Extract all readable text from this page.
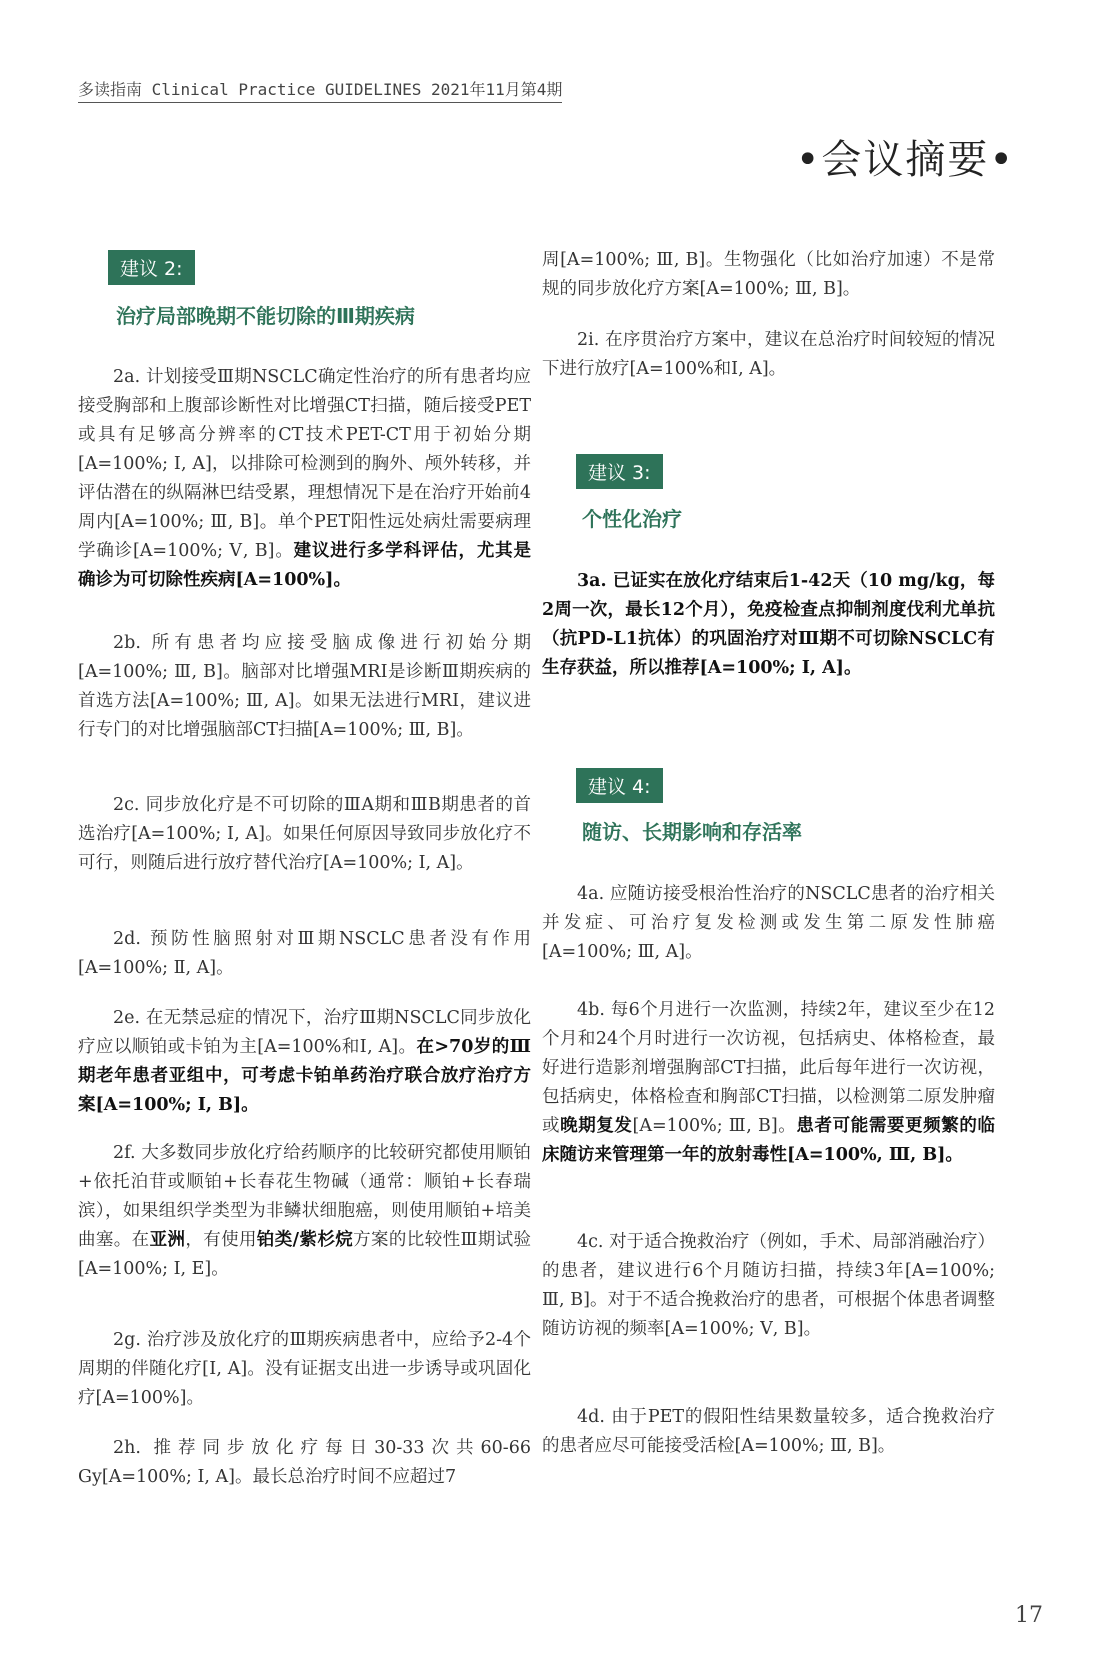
多读指南 Clinical Practice GUIDELINES 2021年11月第4期
•会议摘要•
建议 2:
治疗局部晚期不能切除的Ⅲ期疾病
2a. 计划接受Ⅲ期NSCLC确定性治疗的所有患者均应接受胸部和上腹部诊断性对比增强CT扫描，随后接受PET或具有足够高分辨率的CT技术PET-CT用于初始分期[A=100%; Ⅰ, A]，以排除可检测到的胸外、颅外转移，并评估潜在的纵隔淋巴结受累，理想情况下是在治疗开始前4周内[A=100%; Ⅲ, B]。单个PET阳性远处病灶需要病理学确诊[A=100%; Ⅴ, B]。建议进行多学科评估，尤其是确诊为可切除性疾病[A=100%]。
2b. 所有患者均应接受脑成像进行初始分期[A=100%; Ⅲ, B]。脑部对比增强MRI是诊断Ⅲ期疾病的首选方法[A=100%; Ⅲ, A]。如果无法进行MRI，建议进行专门的对比增强脑部CT扫描[A=100%; Ⅲ, B]。
2c. 同步放化疗是不可切除的ⅢA期和ⅢB期患者的首选治疗[A=100%; Ⅰ, A]。如果任何原因导致同步放化疗不可行，则随后进行放疗替代治疗[A=100%; Ⅰ, A]。
2d. 预防性脑照射对Ⅲ期NSCLC患者没有作用[A=100%; Ⅱ, A]。
2e. 在无禁忌症的情况下，治疗Ⅲ期NSCLC同步放化疗应以顺铂或卡铂为主[A=100%和Ⅰ, A]。在>70岁的Ⅲ期老年患者亚组中，可考虑卡铂单药治疗联合放疗治疗方案[A=100%; Ⅰ, B]。
2f. 大多数同步放化疗给药顺序的比较研究都使用顺铂+依托泊苷或顺铂+长春花生物碱（通常：顺铂+长春瑞滨），如果组织学类型为非鳞状细胞癌，则使用顺铂+培美曲塞。在亚洲，有使用铂类/紫杉烷方案的比较性Ⅲ期试验[A=100%; Ⅰ, E]。
2g. 治疗涉及放化疗的Ⅲ期疾病患者中，应给予2-4个周期的伴随化疗[Ⅰ, A]。没有证据支出进一步诱导或巩固化疗[A=100%]。
2h. 推荐同步放化疗每日30-33次共60-66 Gy[A=100%; Ⅰ, A]。最长总治疗时间不应超过7
周[A=100%; Ⅲ, B]。生物强化（比如治疗加速）不是常规的同步放化疗方案[A=100%; Ⅲ, B]。
2i. 在序贯治疗方案中，建议在总治疗时间较短的情况下进行放疗[A=100%和Ⅰ, A]。
建议 3:
个性化治疗
3a. 已证实在放化疗结束后1-42天（10 mg/kg，每2周一次，最长12个月），免疫检查点抑制剂度伐利尤单抗（抗PD-L1抗体）的巩固治疗对Ⅲ期不可切除NSCLC有生存获益，所以推荐[A=100%; Ⅰ, A]。
建议 4:
随访、长期影响和存活率
4a. 应随访接受根治性治疗的NSCLC患者的治疗相关并发症、可治疗复发检测或发生第二原发性肺癌[A=100%; Ⅲ, A]。
4b. 每6个月进行一次监测，持续2年，建议至少在12个月和24个月时进行一次访视，包括病史、体格检查，最好进行造影剂增强胸部CT扫描，此后每年进行一次访视，包括病史，体格检查和胸部CT扫描，以检测第二原发肿瘤或晚期复发[A=100%; Ⅲ, B]。患者可能需要更频繁的临床随访来管理第一年的放射毒性[A=100%, Ⅲ, B]。
4c. 对于适合挽救治疗（例如，手术、局部消融治疗）的患者，建议进行6个月随访扫描，持续3年[A=100%; Ⅲ, B]。对于不适合挽救治疗的患者，可根据个体患者调整随访访视的频率[A=100%; Ⅴ, B]。
4d. 由于PET的假阳性结果数量较多，适合挽救治疗的患者应尽可能接受活检[A=100%; Ⅲ, B]。
17
